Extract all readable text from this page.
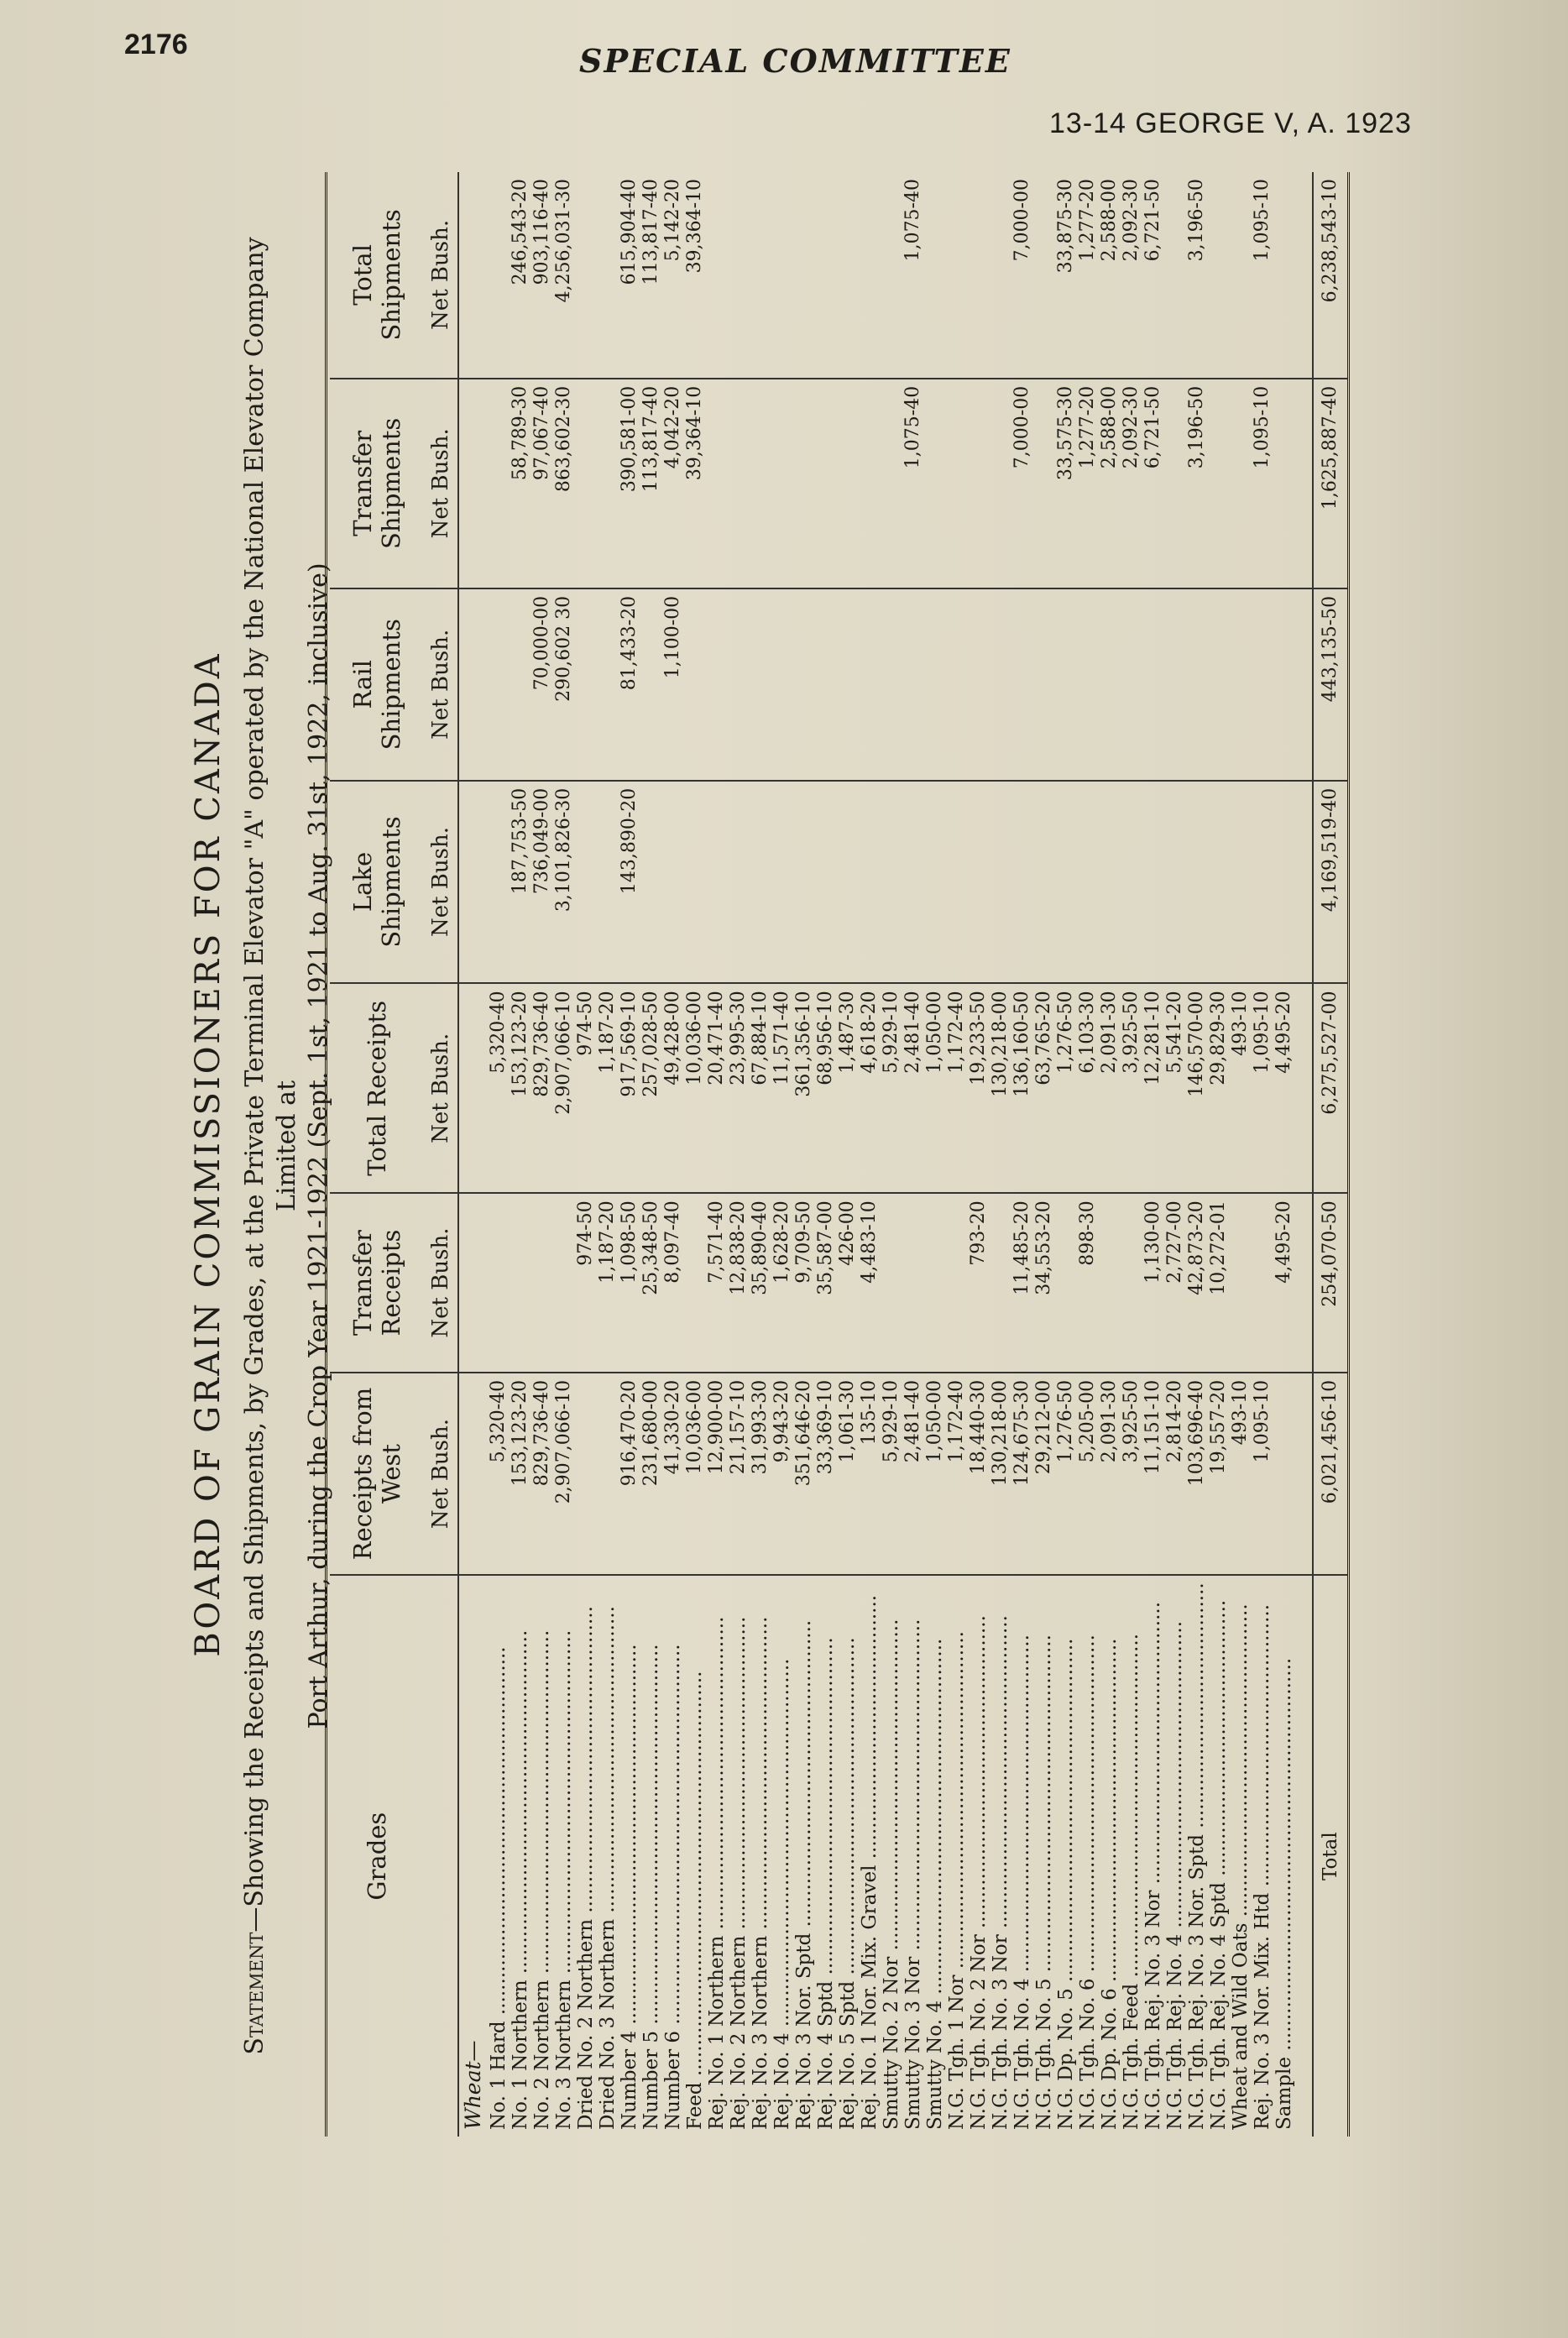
2176	SPECIAL COMMITTEE
13-14 GEORGE V, A. 1923
BOARD OF GRAIN COMMISSIONERS FOR CANADA
Statement—Showing the Receipts and Shipments, by Grades, at the Private Terminal Elevator "A" operated by the National Elevator Company Limited at Port Arthur, during the Crop Year 1921-1922 (Sept. 1st, 1921 to Aug. 31st, 1922, inclusive)
Grades	Receipts from West	Transfer Receipts	Total Receipts	Lake Shipments	Rail Shipments	Transfer Shipments	Total Shipments
	Net Bush.	Net Bush.	Net Bush.	Net Bush.	Net Bush.	Net Bush.	Net Bush.
Wheat—							
No. 1 Hard ............................................................	5,320-40		5,320-40				
No. 1 Northern ........................................................	153,123-20		153,123-20	187,753-50		58,789-30	246,543-20
No. 2 Northern ........................................................	829,736-40		829,736-40	736,049-00	70,000-00	97,067-40	903,116-40
No. 3 Northern ........................................................	2,907,066-10		2,907,066-10	3,101,826-30	290,602 30	863,602-30	4,256,031-30
Dried No. 2 Northern ..................................................		974-50	974-50				
Dried No. 3 Northern ..................................................		1,187-20	1,187-20				
Number 4 ..............................................................	916,470-20	1,098-50	917,569-10	143,890-20	81,433-20	390,581-00	615,904-40
Number 5 ..............................................................	231,680-00	25,348-50	257,028-50			113,817-40	113,817-40
Number 6 ..............................................................	41,330-20	8,097-40	49,428-00		1,100-00	4,042-20	5,142-20
Feed ..................................................................	10,036-00		10,036-00			39,364-10	39,364-10
Rej. No. 1 Northern ...................................................	12,900-00	7,571-40	20,471-40				
Rej. No. 2 Northern ...................................................	21,157-10	12,838-20	23,995-30				
Rej. No. 3 Northern ...................................................	31,993-30	35,890-40	67,884-10				
Rej. No. 4 ............................................................	9,943-20	1,628-20	11,571-40				
Rej. No. 3 Nor. Sptd ..................................................	351,646-20	9,709-50	361,356-10				
Rej. No. 4 Sptd .......................................................	33,369-10	35,587-00	68,956-10				
Rej. No. 5 Sptd .......................................................	1,061-30	426-00	1,487-30				
Rej. No. 1 Nor. Mix. Gravel ...........................................	135-10	4,483-10	4,618-20				
Smutty No. 2 Nor ......................................................	5,929-10		5,929-10				
Smutty No. 3 Nor ......................................................	2,481-40		2,481-40			1,075-40	1,075-40
Smutty No. 4 ..........................................................	1,050-00		1,050-00				
N.G. Tgh. 1 Nor .......................................................	1,172-40		1,172-40				
N.G. Tgh. No. 2 Nor ...................................................	18,440-30	793-20	19,233-50				
N.G. Tgh. No. 3 Nor ...................................................	130,218-00		130,218-00				
N.G. Tgh. No. 4 .......................................................	124,675-30	11,485-20	136,160-50			7,000-00	7,000-00
N.G. Tgh. No. 5 .......................................................	29,212-00	34,553-20	63,765-20				
N.G. Dp. No. 5 ........................................................	1,276-50		1,276-50			33,575-30	33,875-30
N.G. Tgh. No. 6 .......................................................	5,205-00	898-30	6,103-30			1,277-20	1,277-20
N.G. Dp. No. 6 ........................................................	2,091-30		2,091-30			2,588-00	2,588-00
N.G. Tgh. Feed ........................................................	3,925-50		3,925-50			2,092-30	2,092-30
N.G. Tgh. Rej. No. 3 Nor ..............................................	11,151-10	1,130-00	12,281-10			6,721-50	6,721-50
N.G. Tgh. Rej. No. 4 ..................................................	2,814-20	2,727-00	5,541-20				
N.G. Tgh. Rej. No. 3 Nor. Sptd ........................................	103,696-40	42,873-20	146,570-00			3,196-50	3,196-50
N.G. Tgh. Rej. No. 4 Sptd .............................................	19,557-20	10,272-01	29,829-30				
Wheat and Wild Oats ...................................................	493-10		493-10				
Rej. No. 3 Nor. Mix. Htd ..............................................	1,095-10		1,095-10			1,095-10	1,095-10
Sample ................................................................		4,495-20	4,495-20				

Total	6,021,456-10	254,070-50	6,275,527-00	4,169,519-40	443,135-50	1,625,887-40	6,238,543-10
